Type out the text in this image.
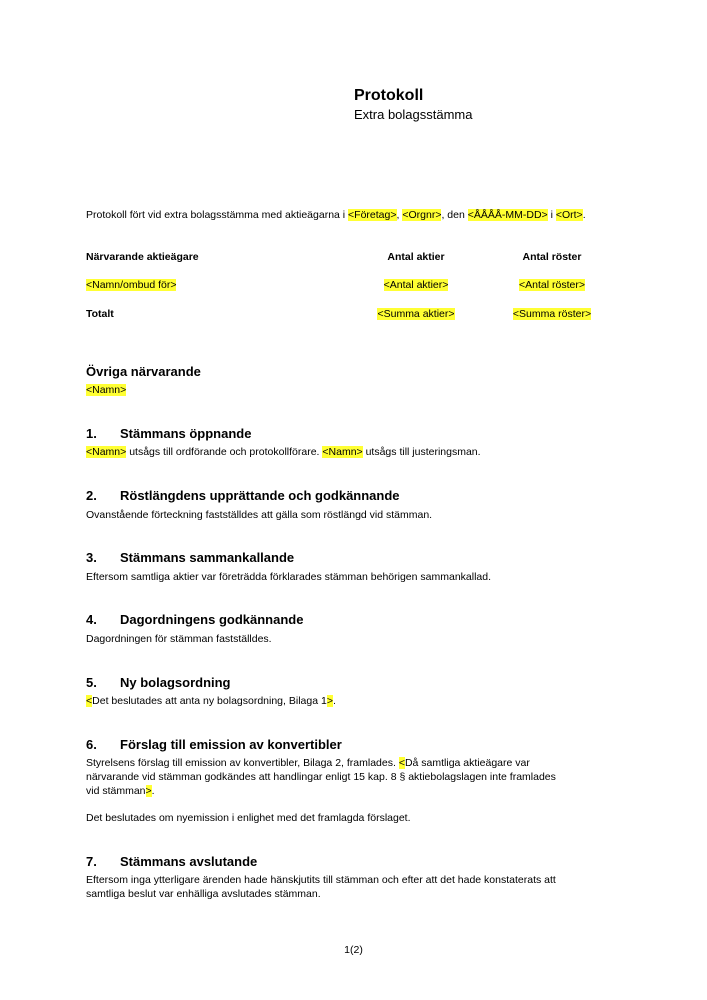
Protokoll
Extra bolagsstämma
Protokoll fört vid extra bolagsstämma med aktieägarna i <Företag>, <Orgnr>, den <ÅÅÅÅ-MM-DD> i <Ort>.
Närvarande aktieägare	Antal aktier	Antal röster
<Namn/ombud för>	<Antal aktier>	<Antal röster>
Totalt	<Summa aktier>	<Summa röster>
Övriga närvarande
<Namn>
1. Stämmans öppnande
<Namn> utsågs till ordförande och protokollförare. <Namn> utsågs till justeringsman.
2. Röstlängdens upprättande och godkännande
Ovanstående förteckning fastställdes att gälla som röstlängd vid stämman.
3. Stämmans sammankallande
Eftersom samtliga aktier var företrädda förklarades stämman behörigen sammankallad.
4. Dagordningens godkännande
Dagordningen för stämman fastställdes.
5. Ny bolagsordning
<Det beslutades att anta ny bolagsordning, Bilaga 1>.
6. Förslag till emission av konvertibler
Styrelsens förslag till emission av konvertibler, Bilaga 2, framlades. <Då samtliga aktieägare var
närvarande vid stämman godkändes att handlingar enligt 15 kap. 8 § aktiebolagslagen inte framlades
vid stämman>.
Det beslutades om nyemission i enlighet med det framlagda förslaget.
7. Stämmans avslutande
Eftersom inga ytterligare ärenden hade hänskjutits till stämman och efter att det hade konstaterats att
samtliga beslut var enhälliga avslutades stämman.
1(2)
